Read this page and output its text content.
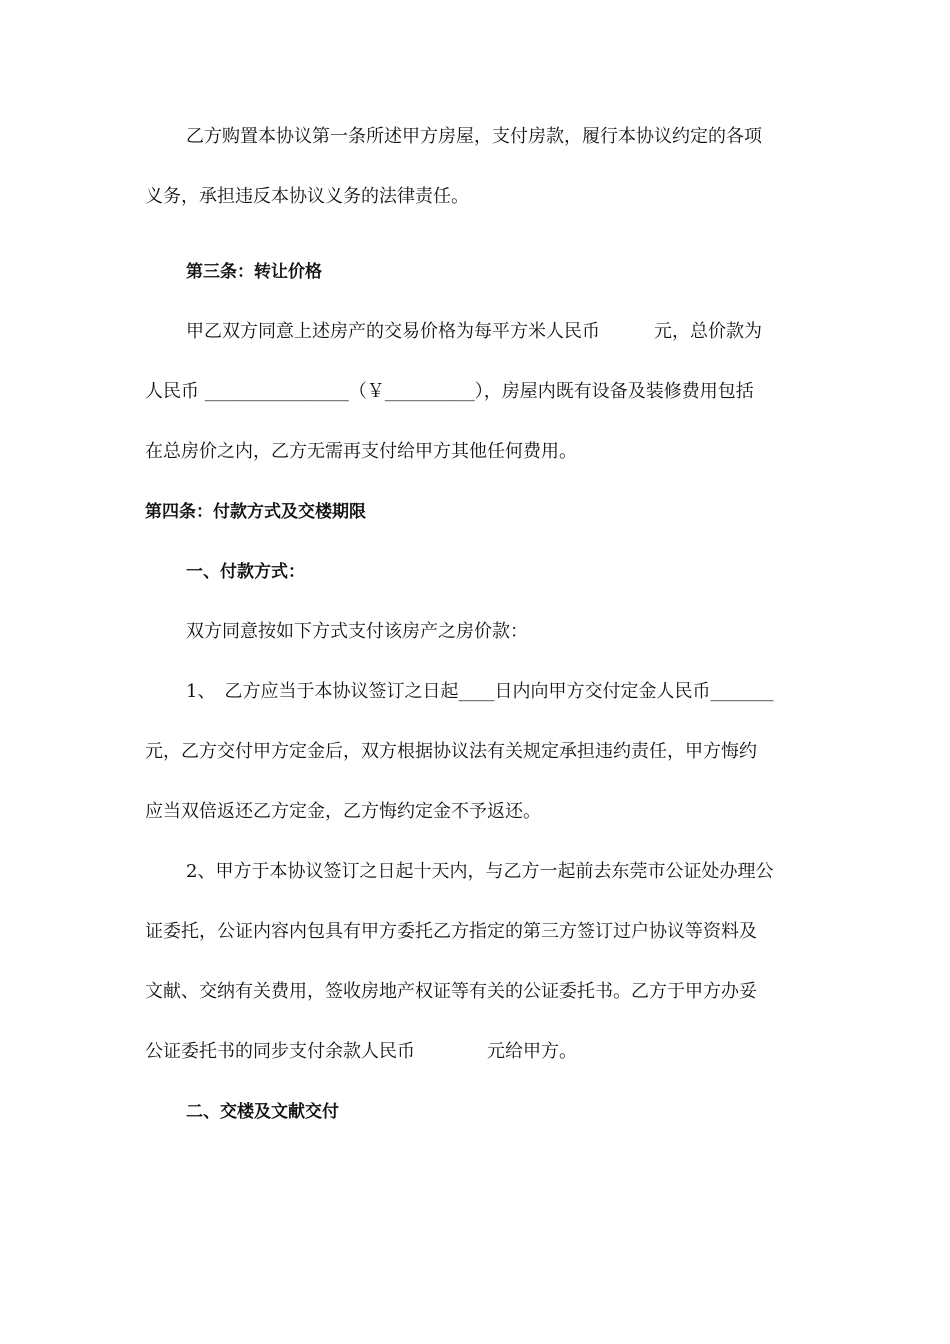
乙方购置本协议第一条所述甲方房屋，支付房款，履行本协议约定的各项
义务，承担违反本协议义务的法律责任。
第三条：转让价格
甲乙双方同意上述房产的交易价格为每平方米人民币　　　元，总价款为
人民币 ________________（￥__________），房屋内既有设备及装修费用包括
在总房价之内，乙方无需再支付给甲方其他任何费用。
第四条：付款方式及交楼期限
一、付款方式：
双方同意按如下方式支付该房产之房价款：
1、　乙方应当于本协议签订之日起____日内向甲方交付定金人民币_______
元，乙方交付甲方定金后，双方根据协议法有关规定承担违约责任，甲方悔约
应当双倍返还乙方定金，乙方悔约定金不予返还。
2、甲方于本协议签订之日起十天内，与乙方一起前去东莞市公证处办理公
证委托，公证内容内包具有甲方委托乙方指定的第三方签订过户协议等资料及
文献、交纳有关费用，签收房地产权证等有关的公证委托书。乙方于甲方办妥
公证委托书的同步支付余款人民币　　　　元给甲方。
二、交楼及文献交付
